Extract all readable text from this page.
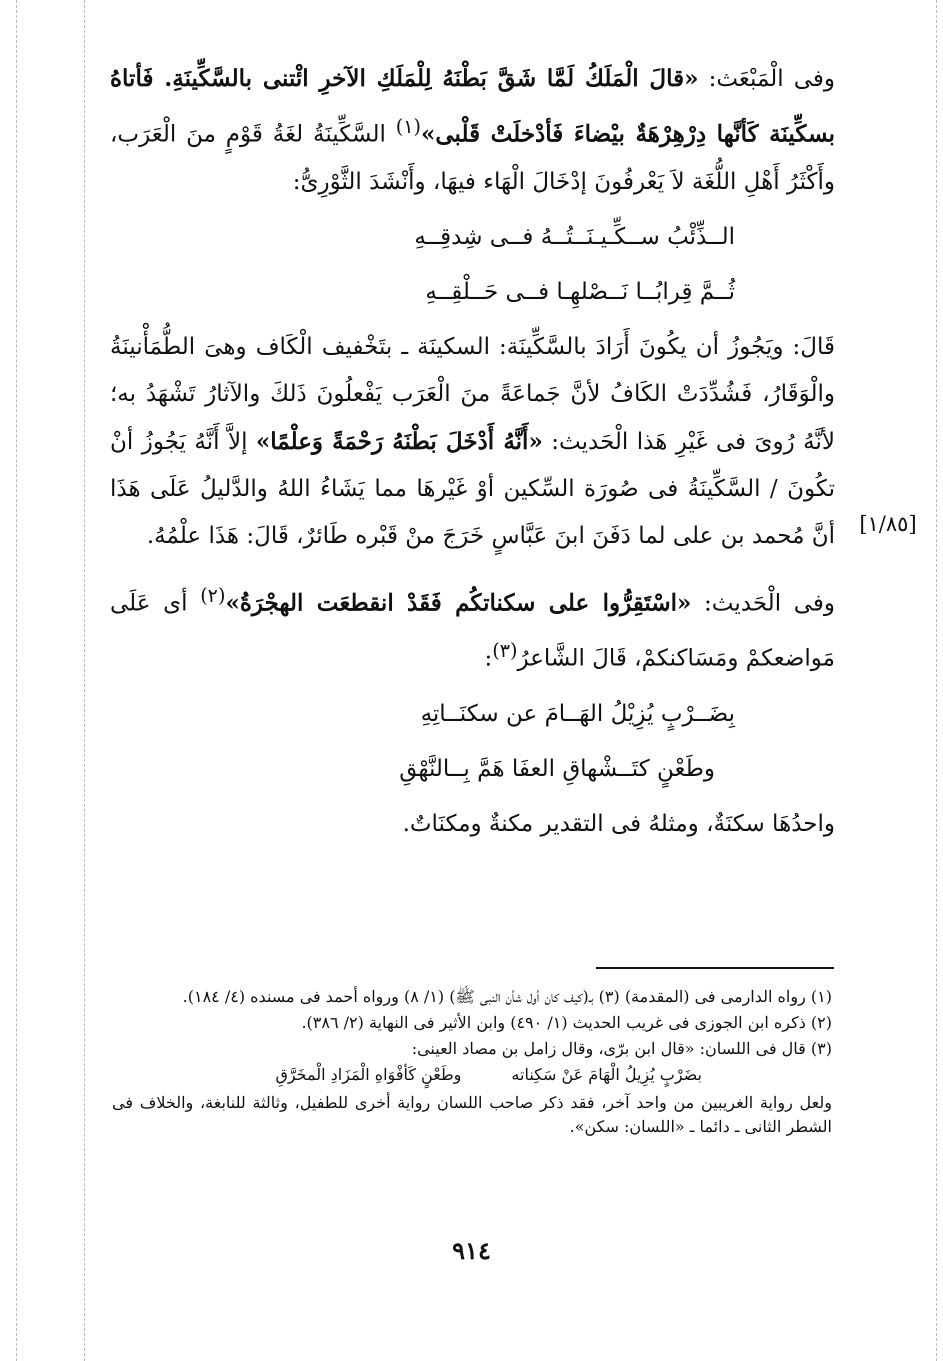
وفى الْمَبْعَث: «قالَ الْمَلَكُ لَمَّا شَقَّ بَطْنَهُ لِلْمَلَكِ الآخرِ ائْتنى بالسَّكِّينَةِ. فَأتاهُ بسكِّينَة كَأنَّها دِرْهِرْهَةٌ بيْضاءَ فَأدْخلَتْ قَلْبى»$^{(١)}$ السَّكِّينَةُ لغَةُ قَوْمٍ منَ الْعَرَب، وأَكْثَرُ أَهْلِ اللُّغَة لاَ يَعْرفُونَ إدْخَالَ الْهَاء فيهَا، وأَنْشَدَ الثَّوْرِىُّ:

الــذِّئْبُ ســكِّـيـنَــتُــهُ فــى شِدقِــهِ
ثُــمَّ قِرابُــا نَــصْلهِـا فــى حَــلْقِــهِ

قَالَ: ويَجُوزُ أن يكُونَ أَرَادَ بالسَّكِّينَة: السكينَة ـ بتَخْفيف الْكَاف وهىَ الطُّمَأْنينَةُ والْوَقَارُ، فَشُدِّدَتْ الكَافُ لأنَّ جَماعَةً منَ الْعَرَب يَفْعلُونَ ذَلكَ والآثارُ تَشْهَدُ به؛ لأنَّهُ رُوىَ فى غَيْرِ هَذا الْحَديث: «أَنَّهُ أَدْخَلَ بَطْنَهُ رَحْمَةً وَعلْمًا» إلاَّ أَنَّهُ يَجُوزُ أنْ تكُونَ / السَّكِّينَةُ فى صُورَة السِّكين أوْ غَيْرهَا مما يَشَاءُ اللهُ والدَّليلُ عَلَى هَذَا أنَّ مُحمد بن على لما دَفَنَ ابنَ عَبَّاسٍ خَرَجَ منْ قَبْره طَائرٌ، قَالَ: هَذَا علْمُهُ.

وفى الْحَديث: «اسْتَقِرُّوا على سكناتكُم فَقَدْ انقطعَت الهجْرَةُ»$^{(٢)}$ أى عَلَى مَواضعكمْ ومَسَاكنكمْ، قَالَ الشَّاعرُ$^{(٣)}$:

بِضَــرْبٍ يُزِيْلُ الهَــامَ عن سكنَــاتِهِ
وطَعْنٍ كتَــشْهاقِ العفَا هَمَّ بِــالنَّهْقِ

واحدُهَا سكنَةٌ، ومثلهُ فى التقدير مكنةٌ ومكنَاتٌ.

[١/٨٥]

(١) رواه الدارمى فى (المقدمة) (٣) بـ(كيف كان أول شأن النبى ﷺ) (١/ ٨) ورواه أحمد فى مسنده (٤/ ١٨٤).

(٢) ذكره ابن الجوزى فى غريب الحديث (١/ ٤٩٠) وابن الأثير فى النهاية (٢/ ٣٨٦).

(٣) قال فى اللسان: «قال ابن برّى، وقال زامل بن مصاد العينى:

بضَرْبٍ يُزِيلُ الْهَامَ عَنْ سَكِناته
وطَعْنٍ كَأفْوَاهِ الْمَزَادِ الْمخَرَّقِ

ولعل رواية الغريبين من واحد آخر، فقد ذكر صاحب اللسان رواية أخرى للطفيل، وثالثة للنابغة، والخلاف فى الشطر الثانى ـ دائما ـ «اللسان: سكن».

٩١٤
